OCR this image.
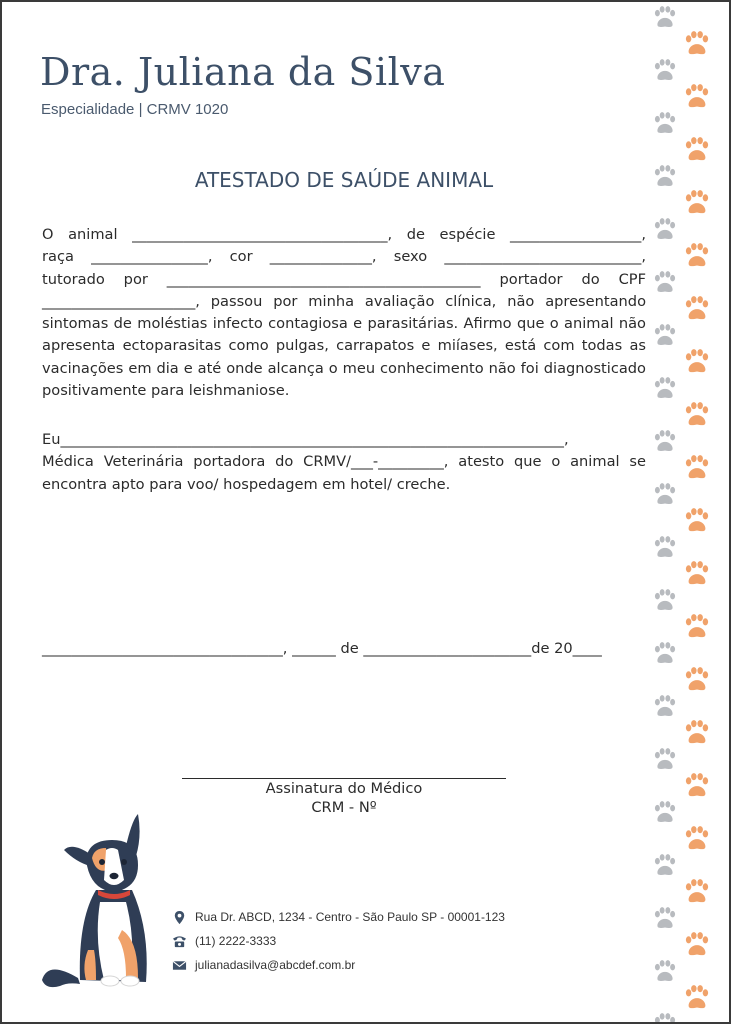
Dra. Juliana da Silva
Especialidade | CRMV 1020
ATESTADO DE SAÚDE ANIMAL
O animal ___________________________________, de espécie __________________,
raça ________________, cor ______________, sexo ___________________________,
tutorado por ___________________________________________ portador do CPF
_____________________, passou por minha avaliação clínica, não apresentando
sintomas de moléstias infecto contagiosa e parasitárias. Afirmo que o animal não
apresenta ectoparasitas como pulgas, carrapatos e miíases, está com todas as
vacinações em dia e até onde alcança o meu conhecimento não foi diagnosticado
positivamente para leishmaniose.
Eu_____________________________________________________________________,
Médica Veterinária portadora do CRMV/___-_________, atesto que o animal se
encontra apto para voo/ hospedagem em hotel/ creche.
_________________________________, ______ de _______________________de 20____
Assinatura do Médico
CRM - Nº
Rua Dr. ABCD, 1234 - Centro - São Paulo SP - 00001-123
(11) 2222-3333
julianadasilva@abcdef.com.br
